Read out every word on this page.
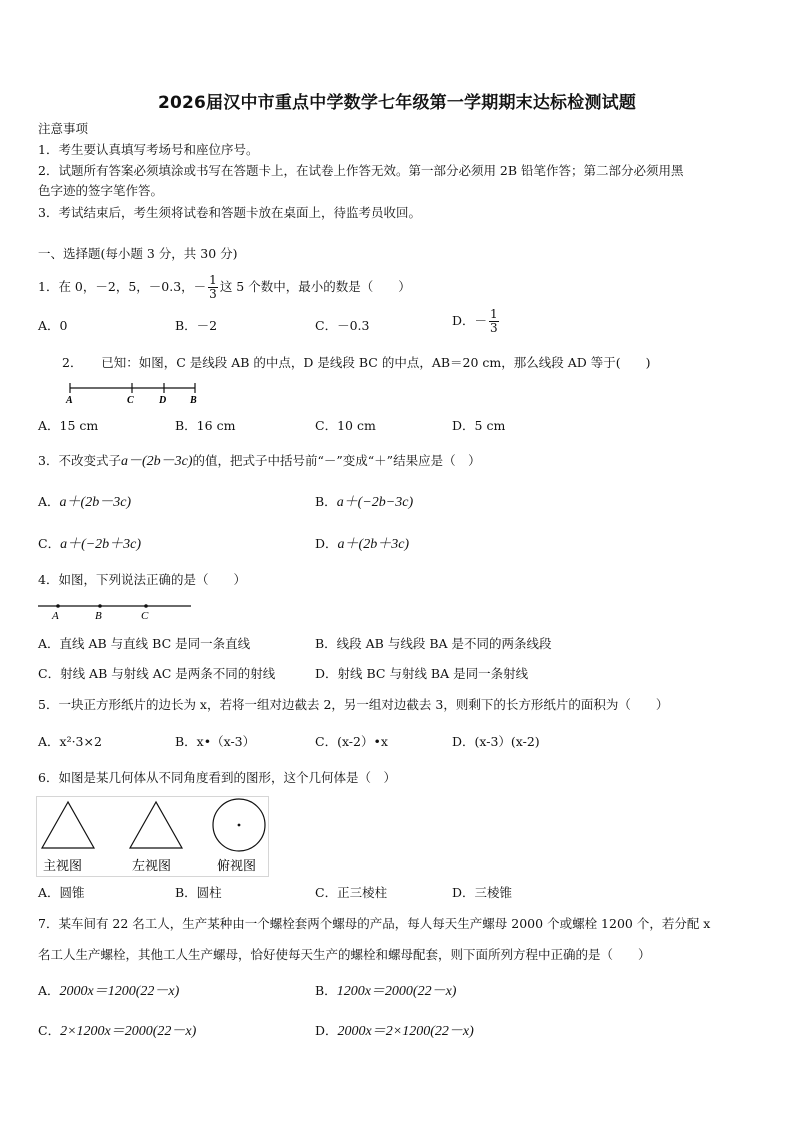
2026届汉中市重点中学数学七年级第一学期期末达标检测试题
注意事项
1．考生要认真填写考场号和座位序号。
2．试题所有答案必须填涂或书写在答题卡上，在试卷上作答无效。第一部分必须用 2B 铅笔作答；第二部分必须用黑
色字迹的签字笔作答。
3．考试结束后，考生须将试卷和答题卡放在桌面上，待监考员收回。
一、选择题(每小题 3 分，共 30 分)
1．在 0，－2，5，－0.3，－ $\frac{1}{3}$ 这 5 个数中，最小的数是（　　）
A．0	B．－2	C．－0.3	D．－ $\frac{1}{3}$
2．　　已知：如图，C 是线段 AB 的中点，D 是线段 BC 的中点，AB＝20 cm，那么线段 AD 等于(　　)
A	C	D B
A．15 cm	B．16 cm	C．10 cm	D．5 cm
3．不改变式子a－(2b－3c)的值，把式子中括号前“－”变成“＋”结果应是（　）
A．a＋(2b－3c)	B．a＋(−2b−3c)
C．a＋(−2b＋3c)	D．a＋(2b＋3c)
4．如图，下列说法正确的是（　　）
A	B	C
A．直线 AB 与直线 BC 是同一条直线	B．线段 AB 与线段 BA 是不同的两条线段
C．射线 AB 与射线 AC 是两条不同的射线	D．射线 BC 与射线 BA 是同一条射线
5．一块正方形纸片的边长为 x，若将一组对边截去 2，另一组对边截去 3，则剩下的长方形纸片的面积为（　　）
A．x²·3×2	B．x•（x-3）	C．(x-2）•x	D．(x-3）(x-2)
6．如图是某几何体从不同角度看到的图形，这个几何体是（　）
主视图	左视图	俯视图
A．圆锥	B．圆柱	C．正三棱柱	D．三棱锥
7．某车间有 22 名工人，生产某种由一个螺栓套两个螺母的产品，每人每天生产螺母 2000 个或螺栓 1200 个，若分配 x
名工人生产螺栓，其他工人生产螺母，恰好使每天生产的螺栓和螺母配套，则下面所列方程中正确的是（　　）
A．2000x＝1200(22－x)	B．1200x＝2000(22－x)
C．2×1200x＝2000(22－x)	D．2000x＝2×1200(22－x)
